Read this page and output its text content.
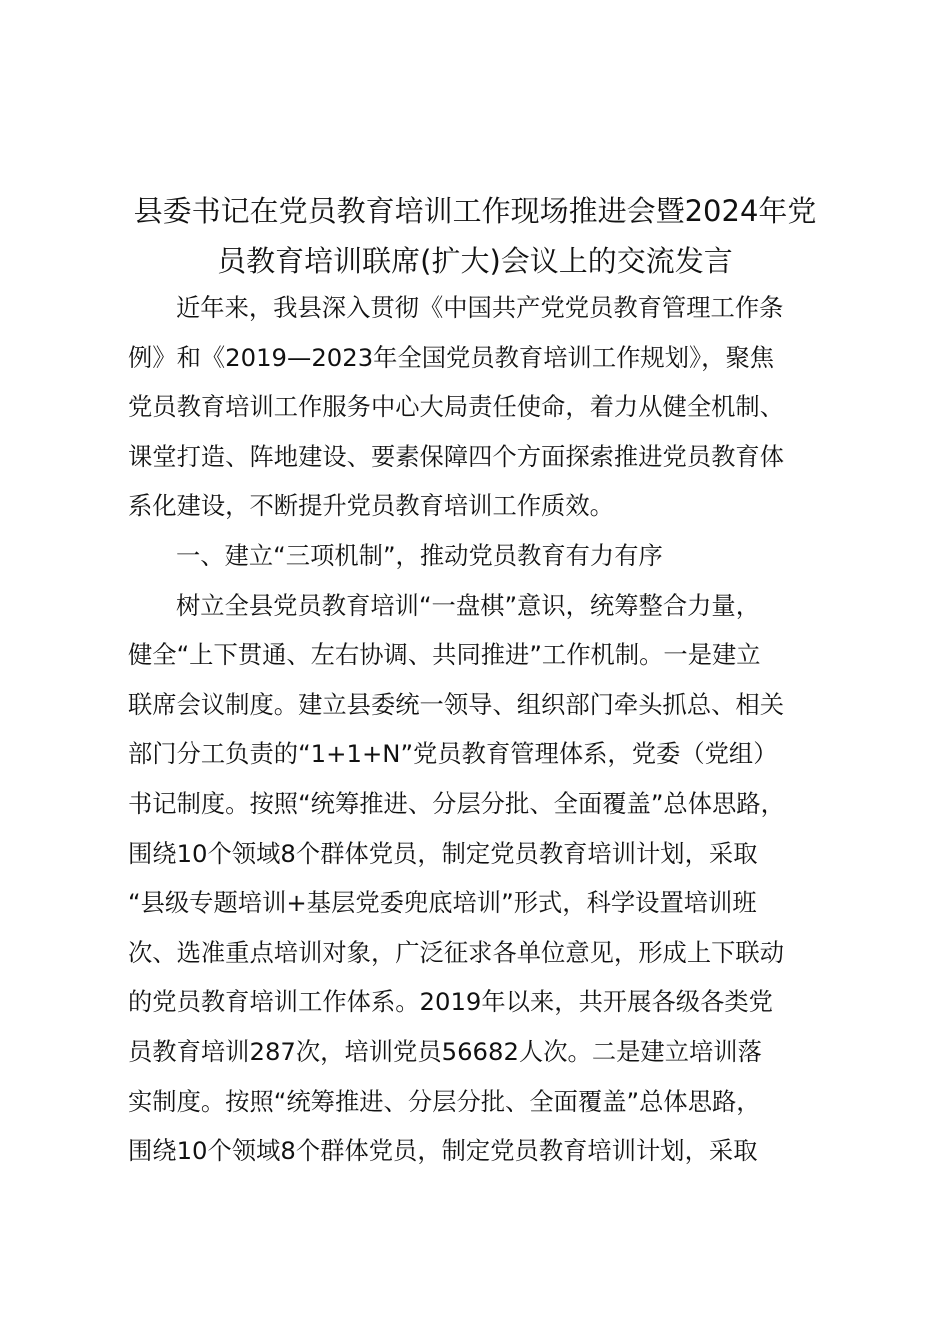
县委书记在党员教育培训工作现场推进会暨2024年党
员教育培训联席(扩大)会议上的交流发言
近年来，我县深入贯彻《中国共产党党员教育管理工作条
例》和《2019—2023年全国党员教育培训工作规划》，聚焦
党员教育培训工作服务中心大局责任使命，着力从健全机制、
课堂打造、阵地建设、要素保障四个方面探索推进党员教育体
系化建设，不断提升党员教育培训工作质效。
一、建立“三项机制”，推动党员教育有力有序
树立全县党员教育培训“一盘棋”意识，统筹整合力量，
健全“上下贯通、左右协调、共同推进”工作机制。一是建立
联席会议制度。建立县委统一领导、组织部门牵头抓总、相关
部门分工负责的“1+1+N”党员教育管理体系，党委（党组）
书记制度。按照“统筹推进、分层分批、全面覆盖”总体思路，
围绕10个领域8个群体党员，制定党员教育培训计划，采取
“县级专题培训+基层党委兜底培训”形式，科学设置培训班
次、选准重点培训对象，广泛征求各单位意见，形成上下联动
的党员教育培训工作体系。2019年以来，共开展各级各类党
员教育培训287次，培训党员56682人次。二是建立培训落
实制度。按照“统筹推进、分层分批、全面覆盖”总体思路，
围绕10个领域8个群体党员，制定党员教育培训计划，采取
